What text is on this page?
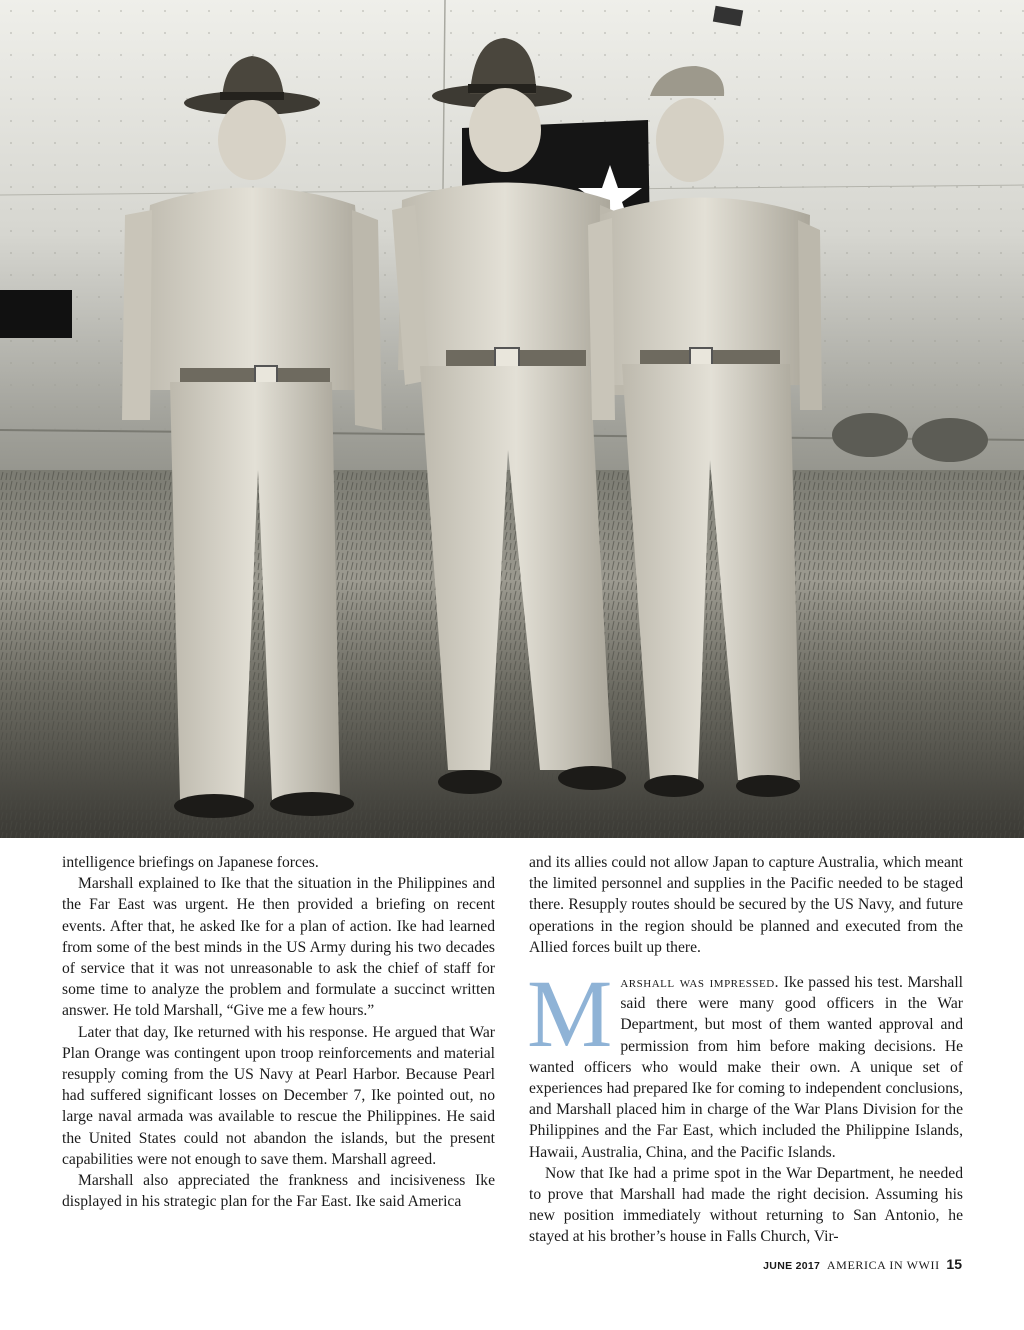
intelligence briefings on Japanese forces.

Marshall explained to Ike that the situation in the Philippines and the Far East was urgent. He then provided a briefing on recent events. After that, he asked Ike for a plan of action. Ike had learned from some of the best minds in the US Army during his two decades of service that it was not unreasonable to ask the chief of staff for some time to analyze the problem and formulate a succinct written answer. He told Marshall, “Give me a few hours.”

Later that day, Ike returned with his response. He argued that War Plan Orange was contingent upon troop reinforcements and material resupply coming from the US Navy at Pearl Harbor. Because Pearl had suffered significant losses on December 7, Ike pointed out, no large naval armada was available to rescue the Philippines. He said the United States could not abandon the islands, but the present capabilities were not enough to save them. Marshall agreed.

Marshall also appreciated the frankness and incisiveness Ike displayed in his strategic plan for the Far East. Ike said America

and its allies could not allow Japan to capture Australia, which meant the limited personnel and supplies in the Pacific needed to be staged there. Resupply routes should be secured by the US Navy, and future operations in the region should be planned and executed from the Allied forces built up there.

Marshall was impressed. Ike passed his test. Marshall said there were many good officers in the War Department, but most of them wanted approval and permission from him before making decisions. He wanted officers who would make their own. A unique set of experiences had prepared Ike for coming to independent conclusions, and Marshall placed him in charge of the War Plans Division for the Philippines and the Far East, which included the Philippine Islands, Hawaii, Australia, China, and the Pacific Islands.

Now that Ike had a prime spot in the War Department, he needed to prove that Marshall had made the right decision. Assuming his new position immediately without returning to San Antonio, he stayed at his brother’s house in Falls Church, Vir-

JUNE 2017 AMERICA IN WWII 15
